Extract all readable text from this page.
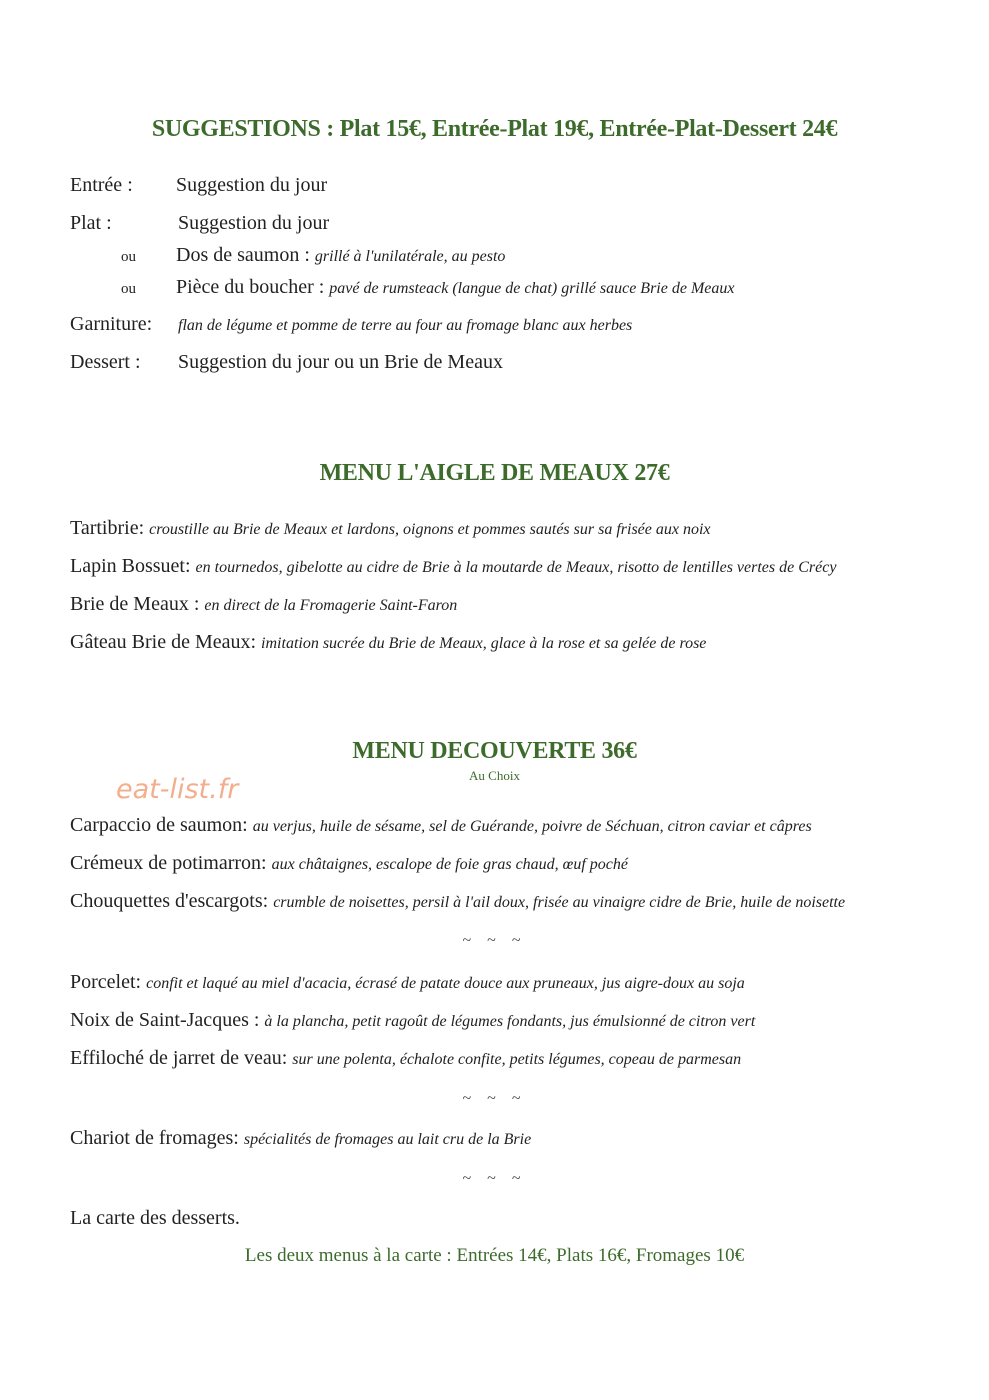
SUGGESTIONS : Plat 15€, Entrée-Plat 19€, Entrée-Plat-Dessert 24€
Entrée : Suggestion du jour
Plat :	Suggestion du jour
ou Dos de saumon : grillé à l'unilatérale, au pesto
ou Pièce du boucher : pavé de rumsteack (langue de chat) grillé sauce Brie de Meaux
Garniture: flan de légume et pomme de terre au four au fromage blanc aux herbes
Dessert : Suggestion du jour ou un Brie de Meaux
MENU L'AIGLE DE MEAUX 27€
Tartibrie: croustille au Brie de Meaux et lardons, oignons et pommes sautés sur sa frisée aux noix
Lapin Bossuet: en tournedos, gibelotte au cidre de Brie à la moutarde de Meaux, risotto de lentilles vertes de Crécy
Brie de Meaux : en direct de la Fromagerie Saint-Faron
Gâteau Brie de Meaux: imitation sucrée du Brie de Meaux, glace à la rose et sa gelée de rose
MENU DECOUVERTE 36€
Au Choix
eat-list.fr
Carpaccio de saumon: au verjus, huile de sésame, sel de Guérande, poivre de Séchuan, citron caviar et câpres
Crémeux de potimarron: aux châtaignes, escalope de foie gras chaud, œuf poché
Chouquettes d'escargots: crumble de noisettes, persil à l'ail doux, frisée au vinaigre cidre de Brie, huile de noisette
~ ~ ~
Porcelet: confit et laqué au miel d'acacia, écrasé de patate douce aux pruneaux, jus aigre-doux au soja
Noix de Saint-Jacques : à la plancha, petit ragoût de légumes fondants, jus émulsionné de citron vert
Effiloché de jarret de veau: sur une polenta, échalote confite, petits légumes, copeau de parmesan
~ ~ ~
Chariot de fromages: spécialités de fromages au lait cru de la Brie
~ ~ ~
La carte des desserts.
Les deux menus à la carte : Entrées 14€, Plats 16€, Fromages 10€
